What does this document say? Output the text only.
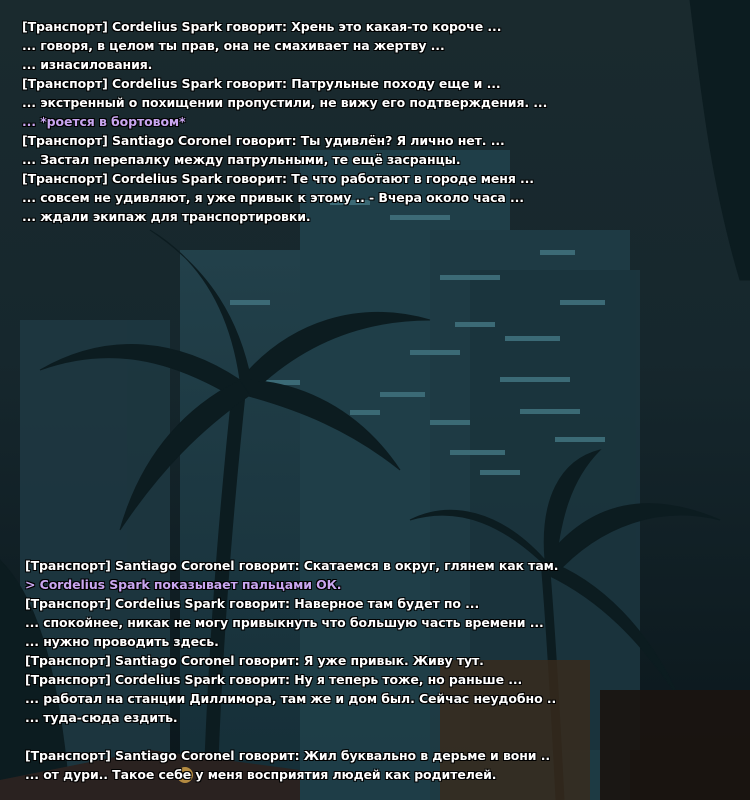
[Транспорт] Cordelius Spark говорит: Хрень это какая-то короче ...
... говоря, в целом ты прав, она не смахивает на жертву ...
... изнасилования.
[Транспорт] Cordelius Spark говорит: Патрульные походу еще и ...
... экстренный о похищении пропустили, не вижу его подтверждения. ...
... *роется в бортовом*
[Транспорт] Santiago Coronel говорит: Ты удивлён? Я лично нет. ...
... Застал перепалку между патрульными, те ещё засранцы.
[Транспорт] Cordelius Spark говорит: Те что работают в городе меня ...
... совсем не удивляют, я уже привык к этому .. - Вчера около часа ...
... ждали экипаж для транспортировки.
[Транспорт] Santiago Coronel говорит: Скатаемся в округ, глянем как там.
> Cordelius Spark показывает пальцами ОК.
[Транспорт] Cordelius Spark говорит: Наверное там будет по ...
... спокойнее, никак не могу привыкнуть что большую часть времени ...
... нужно проводить здесь.
[Транспорт] Santiago Coronel говорит: Я уже привык. Живу тут.
[Транспорт] Cordelius Spark говорит: Ну я теперь тоже, но раньше ...
... работал на станции Диллимора, там же и дом был. Сейчас неудобно ..
... туда-сюда ездить.
[Транспорт] Santiago Coronel говорит: Жил буквально в дерьме и вони ..
... от дури.. Такое себе у меня восприятия людей как родителей.
